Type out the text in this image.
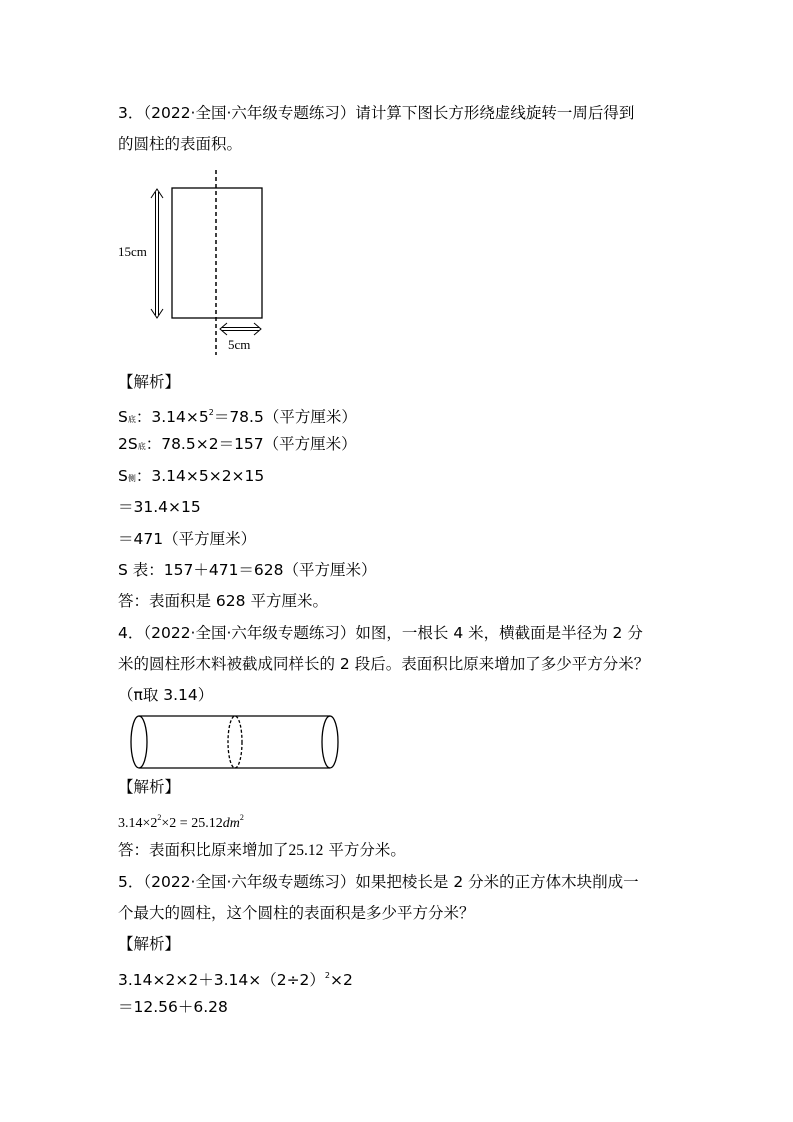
3．（2022·全国·六年级专题练习）请计算下图长方形绕虚线旋转一周后得到
的圆柱的表面积。
15cm
5cm
【解析】
S底：$3.14\times 5^2=78.5$（平方厘米）
2S底：78.5×2＝157（平方厘米）
S侧：3.14×5×2×15
＝31.4×15
＝471（平方厘米）
S 表：157＋471＝628（平方厘米）
答：表面积是 628 平方厘米。
4．（2022·全国·六年级专题练习）如图，一根长 4 米，横截面是半径为 2 分
米的圆柱形木料被截成同样长的 2 段后。表面积比原来增加了多少平方分米？
（π取 3.14）
【解析】
$3.14\times 2^2\times 2 = 25.12dm^2$
答：表面积比原来增加了25.12 平方分米。
5．（2022·全国·六年级专题练习）如果把棱长是 2 分米的正方体木块削成一
个最大的圆柱，这个圆柱的表面积是多少平方分米？
【解析】
$3.14\times 2\times 2+3.14\times(2\div 2)^2\times 2$
＝12.56＋6.28
